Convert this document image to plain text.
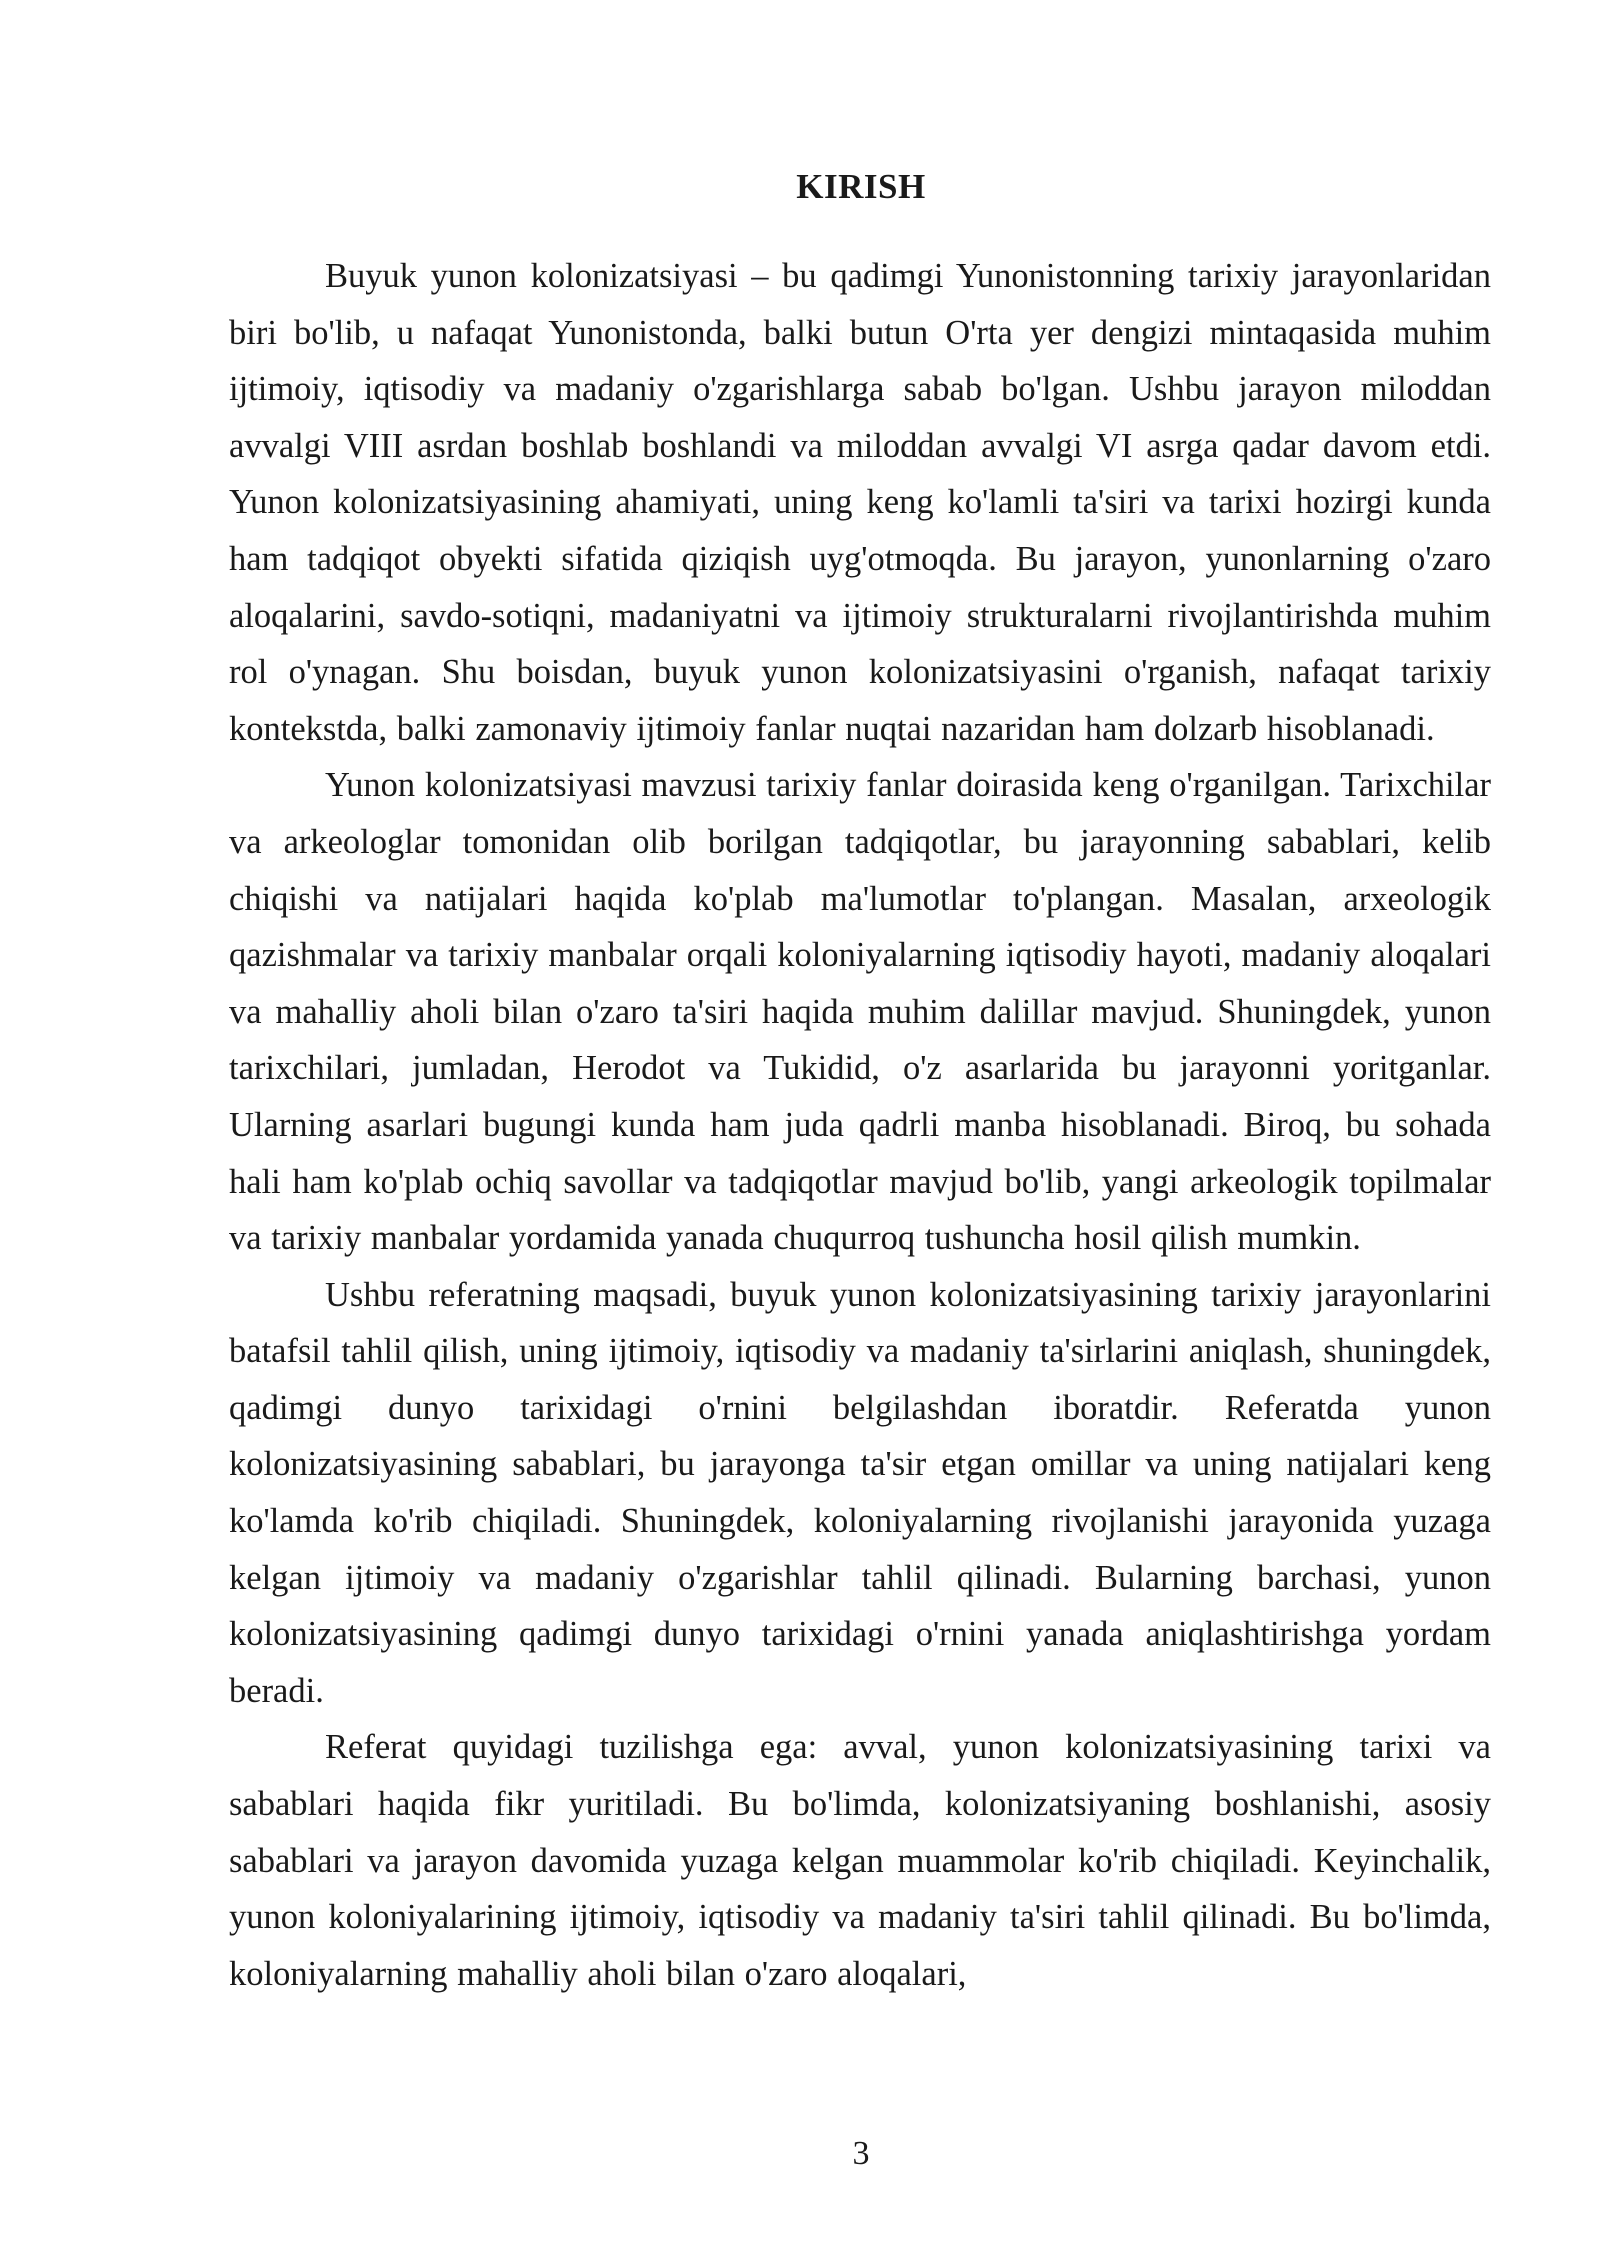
KIRISH

Buyuk yunon kolonizatsiyasi – bu qadimgi Yunonistonning tarixiy jarayonlaridan biri bo'lib, u nafaqat Yunonistonda, balki butun O'rta yer dengizi mintaqasida muhim ijtimoiy, iqtisodiy va madaniy o'zgarishlarga sabab bo'lgan. Ushbu jarayon miloddan avvalgi VIII asrdan boshlab boshlandi va miloddan avvalgi VI asrga qadar davom etdi. Yunon kolonizatsiyasining ahamiyati, uning keng ko'lamli ta'siri va tarixi hozirgi kunda ham tadqiqot obyekti sifatida qiziqish uyg'otmoqda. Bu jarayon, yunonlarning o'zaro aloqalarini, savdo-sotiqni, madaniyatni va ijtimoiy strukturalarni rivojlantirishda muhim rol o'ynagan. Shu boisdan, buyuk yunon kolonizatsiyasini o'rganish, nafaqat tarixiy kontekstda, balki zamonaviy ijtimoiy fanlar nuqtai nazaridan ham dolzarb hisoblanadi.

Yunon kolonizatsiyasi mavzusi tarixiy fanlar doirasida keng o'rganilgan. Tarixchilar va arkeologlar tomonidan olib borilgan tadqiqotlar, bu jarayonning sabablari, kelib chiqishi va natijalari haqida ko'plab ma'lumotlar to'plangan. Masalan, arxeologik qazishmalar va tarixiy manbalar orqali koloniyalarning iqtisodiy hayoti, madaniy aloqalari va mahalliy aholi bilan o'zaro ta'siri haqida muhim dalillar mavjud. Shuningdek, yunon tarixchilari, jumladan, Herodot va Tukidid, o'z asarlarida bu jarayonni yoritganlar. Ularning asarlari bugungi kunda ham juda qadrli manba hisoblanadi. Biroq, bu sohada hali ham ko'plab ochiq savollar va tadqiqotlar mavjud bo'lib, yangi arkeologik topilmalar va tarixiy manbalar yordamida yanada chuqurroq tushuncha hosil qilish mumkin.

Ushbu referatning maqsadi, buyuk yunon kolonizatsiyasining tarixiy jarayonlarini batafsil tahlil qilish, uning ijtimoiy, iqtisodiy va madaniy ta'sirlarini aniqlash, shuningdek, qadimgi dunyo tarixidagi o'rnini belgilashdan iboratdir. Referatda yunon kolonizatsiyasining sabablari, bu jarayonga ta'sir etgan omillar va uning natijalari keng ko'lamda ko'rib chiqiladi. Shuningdek, koloniyalarning rivojlanishi jarayonida yuzaga kelgan ijtimoiy va madaniy o'zgarishlar tahlil qilinadi. Bularning barchasi, yunon kolonizatsiyasining qadimgi dunyo tarixidagi o'rnini yanada aniqlashtirishga yordam beradi.

Referat quyidagi tuzilishga ega: avval, yunon kolonizatsiyasining tarixi va sabablari haqida fikr yuritiladi. Bu bo'limda, kolonizatsiyaning boshlanishi, asosiy sabablari va jarayon davomida yuzaga kelgan muammolar ko'rib chiqiladi. Keyinchalik, yunon koloniyalarining ijtimoiy, iqtisodiy va madaniy ta'siri tahlil qilinadi. Bu bo'limda, koloniyalarning mahalliy aholi bilan o'zaro aloqalari,

3
